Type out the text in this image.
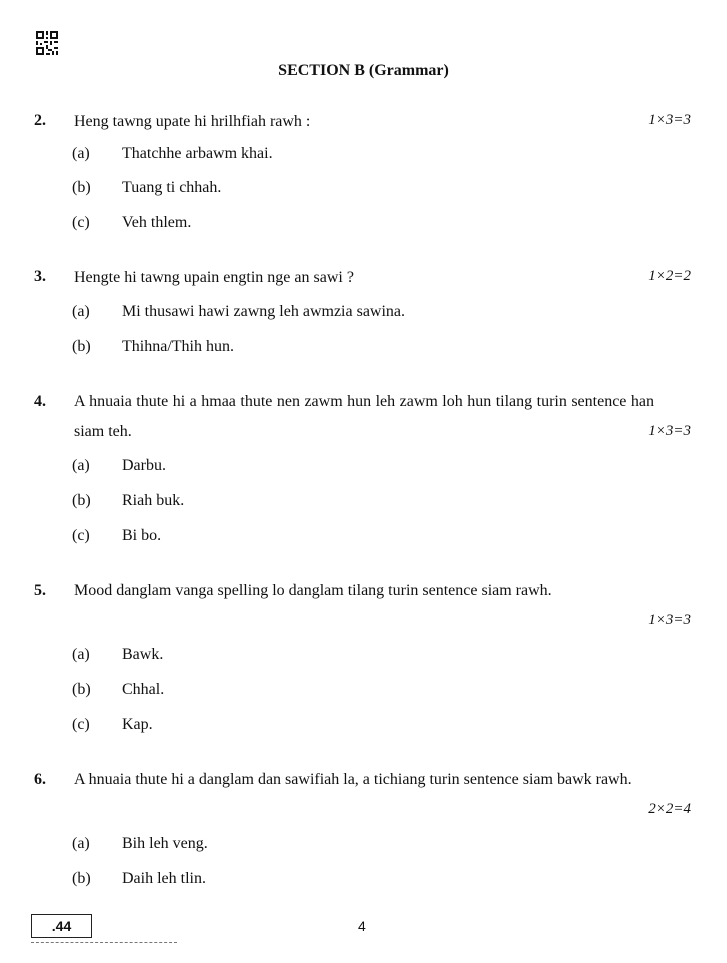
SECTION B (Grammar)
2. Heng tawng upate hi hrilhfiah rawh :	1×3=3
(a) Thatchhe arbawm khai.
(b) Tuang ti chhah.
(c) Veh thlem.
3. Hengte hi tawng upain engtin nge an sawi ?	1×2=2
(a) Mi thusawi hawi zawng leh awmzia sawina.
(b) Thihna/Thih hun.
4. A hnuaia thute hi a hmaa thute nen zawm hun leh zawm loh hun tilang turin sentence han siam teh.	1×3=3
(a) Darbu.
(b) Riah buk.
(c) Bi bo.
5. Mood danglam vanga spelling lo danglam tilang turin sentence siam rawh.
1×3=3
(a) Bawk.
(b) Chhal.
(c) Kap.
6. A hnuaia thute hi a danglam dan sawifiah la, a tichiang turin sentence siam bawk rawh.
2×2=4
(a) Bih leh veng.
(b) Daih leh tlin.
.44	4
